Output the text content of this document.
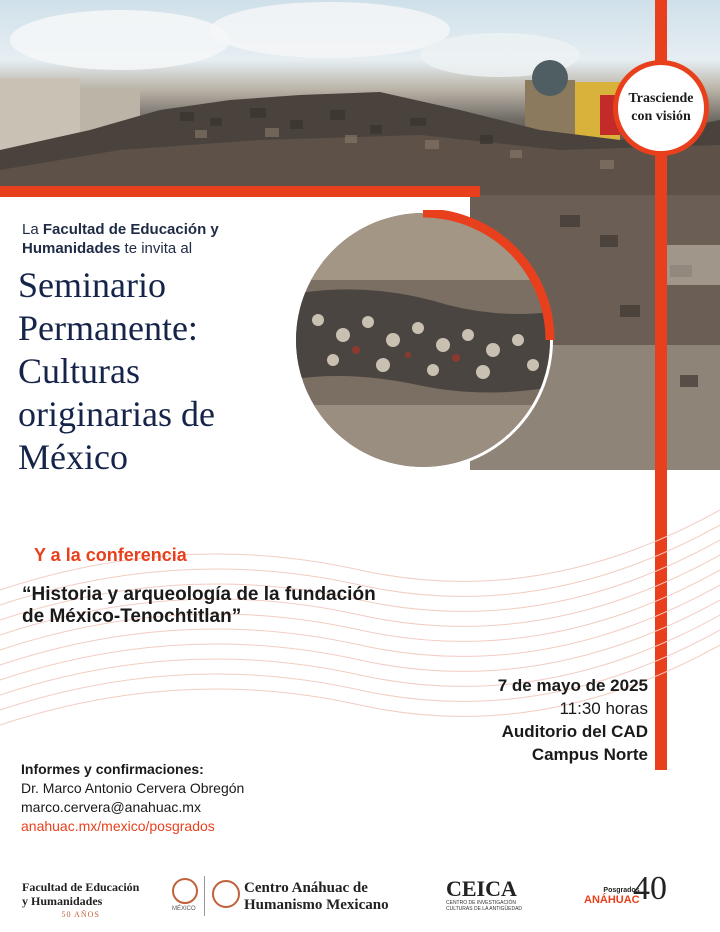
Trasciende
con visión
La Facultad de Educación y Humanidades te invita al
Seminario
Permanente:
Culturas
originarias de
México
Y a la conferencia
“Historia y arqueología de la fundación
de México-Tenochtitlan”
7 de mayo de 2025
11:30 horas
Auditorio del CAD
Campus Norte
Informes y confirmaciones:
Dr. Marco Antonio Cervera Obregón
marco.cervera@anahuac.mx
anahuac.mx/mexico/posgrados
Facultad de Educación
y Humanidades
50 AÑOS
MÉXICO
Centro Anáhuac de
Humanismo Mexicano
CEICA
CENTRO DE INVESTIGACIÓN CULTURAS DE LA ANTIGÜEDAD
Posgrados
ANÁHUAC
40
